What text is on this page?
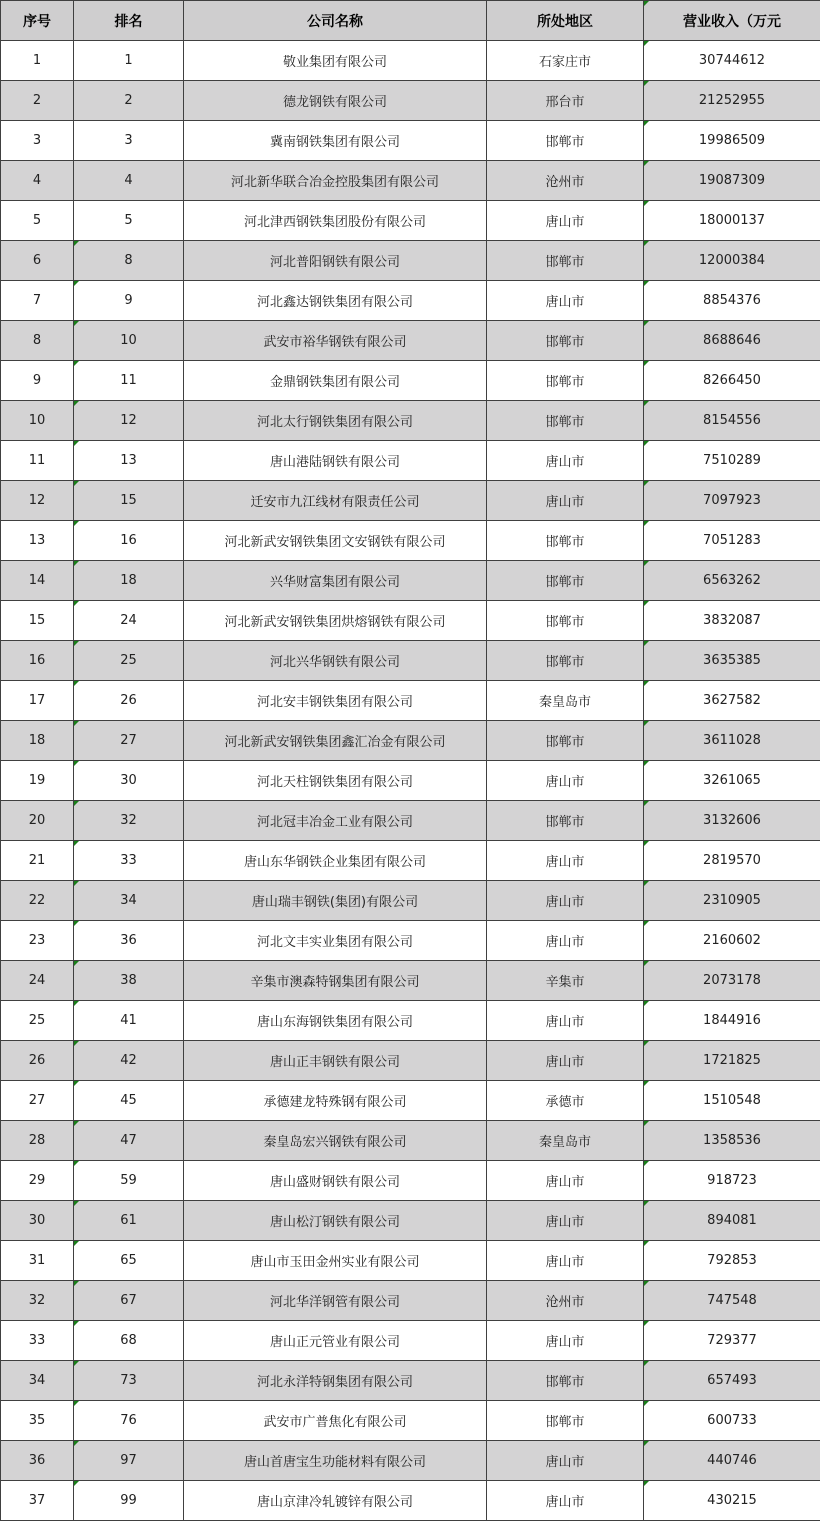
序号	排名	公司名称	所处地区	营业收入（万元
1	1	敬业集团有限公司	石家庄市	30744612
2	2	德龙钢铁有限公司	邢台市	21252955
3	3	冀南钢铁集团有限公司	邯郸市	19986509
4	4	河北新华联合冶金控股集团有限公司	沧州市	19087309
5	5	河北津西钢铁集团股份有限公司	唐山市	18000137
6	8	河北普阳钢铁有限公司	邯郸市	12000384
7	9	河北鑫达钢铁集团有限公司	唐山市	8854376
8	10	武安市裕华钢铁有限公司	邯郸市	8688646
9	11	金鼎钢铁集团有限公司	邯郸市	8266450
10	12	河北太行钢铁集团有限公司	邯郸市	8154556
11	13	唐山港陆钢铁有限公司	唐山市	7510289
12	15	迁安市九江线材有限责任公司	唐山市	7097923
13	16	河北新武安钢铁集团文安钢铁有限公司	邯郸市	7051283
14	18	兴华财富集团有限公司	邯郸市	6563262
15	24	河北新武安钢铁集团烘熔钢铁有限公司	邯郸市	3832087
16	25	河北兴华钢铁有限公司	邯郸市	3635385
17	26	河北安丰钢铁集团有限公司	秦皇岛市	3627582
18	27	河北新武安钢铁集团鑫汇冶金有限公司	邯郸市	3611028
19	30	河北天柱钢铁集团有限公司	唐山市	3261065
20	32	河北冠丰冶金工业有限公司	邯郸市	3132606
21	33	唐山东华钢铁企业集团有限公司	唐山市	2819570
22	34	唐山瑞丰钢铁(集团)有限公司	唐山市	2310905
23	36	河北文丰实业集团有限公司	唐山市	2160602
24	38	辛集市澳森特钢集团有限公司	辛集市	2073178
25	41	唐山东海钢铁集团有限公司	唐山市	1844916
26	42	唐山正丰钢铁有限公司	唐山市	1721825
27	45	承德建龙特殊钢有限公司	承德市	1510548
28	47	秦皇岛宏兴钢铁有限公司	秦皇岛市	1358536
29	59	唐山盛财钢铁有限公司	唐山市	918723
30	61	唐山松汀钢铁有限公司	唐山市	894081
31	65	唐山市玉田金州实业有限公司	唐山市	792853
32	67	河北华洋钢管有限公司	沧州市	747548
33	68	唐山正元管业有限公司	唐山市	729377
34	73	河北永洋特钢集团有限公司	邯郸市	657493
35	76	武安市广普焦化有限公司	邯郸市	600733
36	97	唐山首唐宝生功能材料有限公司	唐山市	440746
37	99	唐山京津冷轧镀锌有限公司	唐山市	430215
